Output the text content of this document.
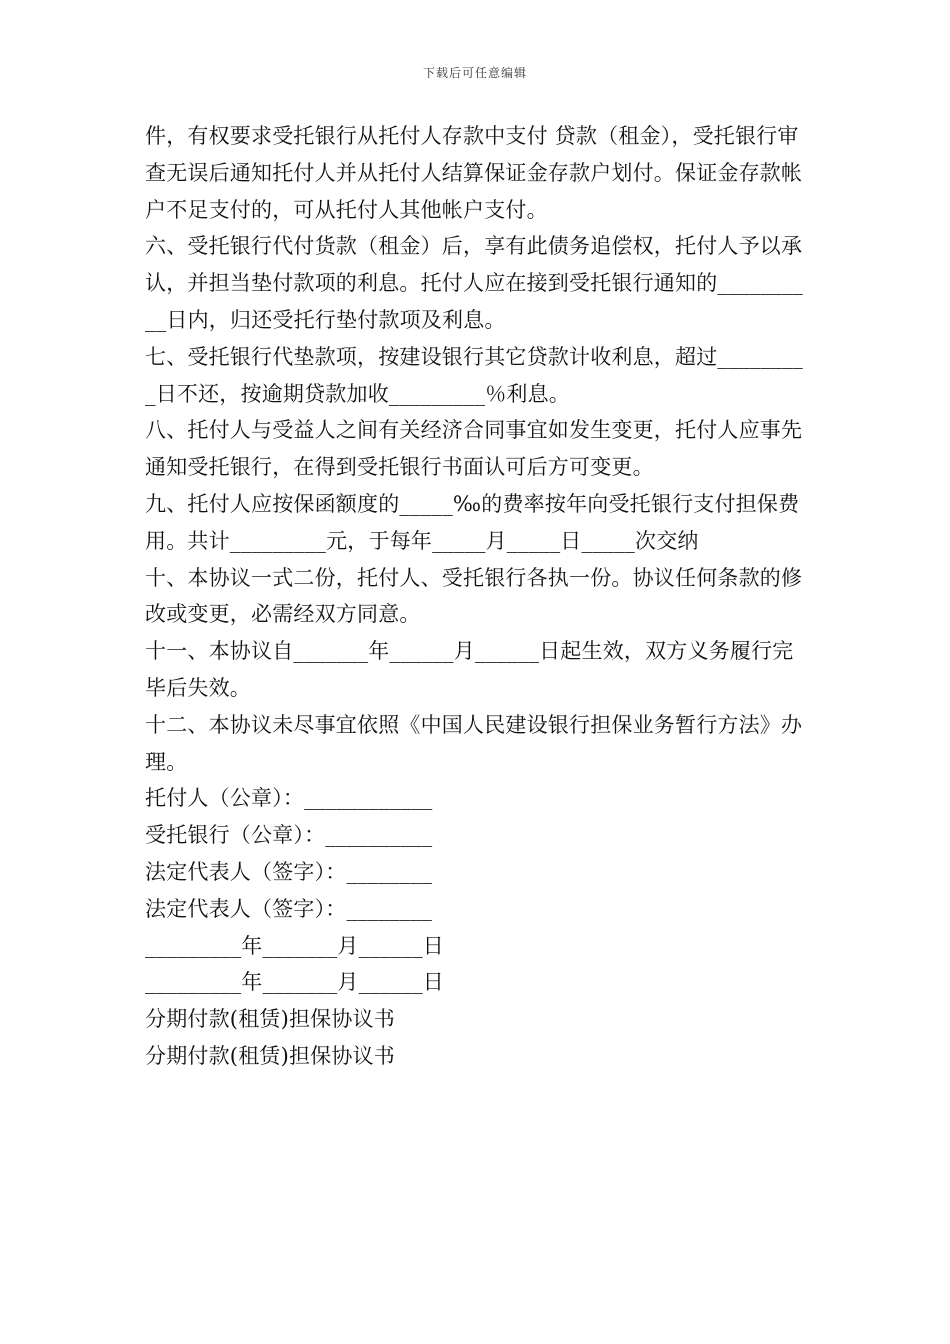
下载后可任意编辑

件，有权要求受托银行从托付人存款中支付 贷款（租金），受托银行审查无误后通知托付人并从托付人结算保证金存款户划付。保证金存款帐户不足支付的，可从托付人其他帐户支付。

六、受托银行代付货款（租金）后，享有此债务追偿权，托付人予以承认，并担当垫付款项的利息。托付人应在接到受托银行通知的__________日内，归还受托行垫付款项及利息。

七、受托银行代垫款项，按建设银行其它贷款计收利息，超过_________日不还，按逾期贷款加收_________％利息。

八、托付人与受益人之间有关经济合同事宜如发生变更，托付人应事先通知受托银行，在得到受托银行书面认可后方可变更。

九、托付人应按保函额度的_____‰的费率按年向受托银行支付担保费用。共计_________元，于每年_____月_____日_____次交纳

十、本协议一式二份，托付人、受托银行各执一份。协议任何条款的修改或变更，必需经双方同意。

十一、本协议自_______年______月______日起生效，双方义务履行完毕后失效。

十二、本协议未尽事宜依照《中国人民建设银行担保业务暂行方法》办理。

托付人（公章）：____________

受托银行（公章）：__________

法定代表人（签字）：________

法定代表人（签字）：________

_________年_______月______日

_________年_______月______日

分期付款(租赁)担保协议书

分期付款(租赁)担保协议书
